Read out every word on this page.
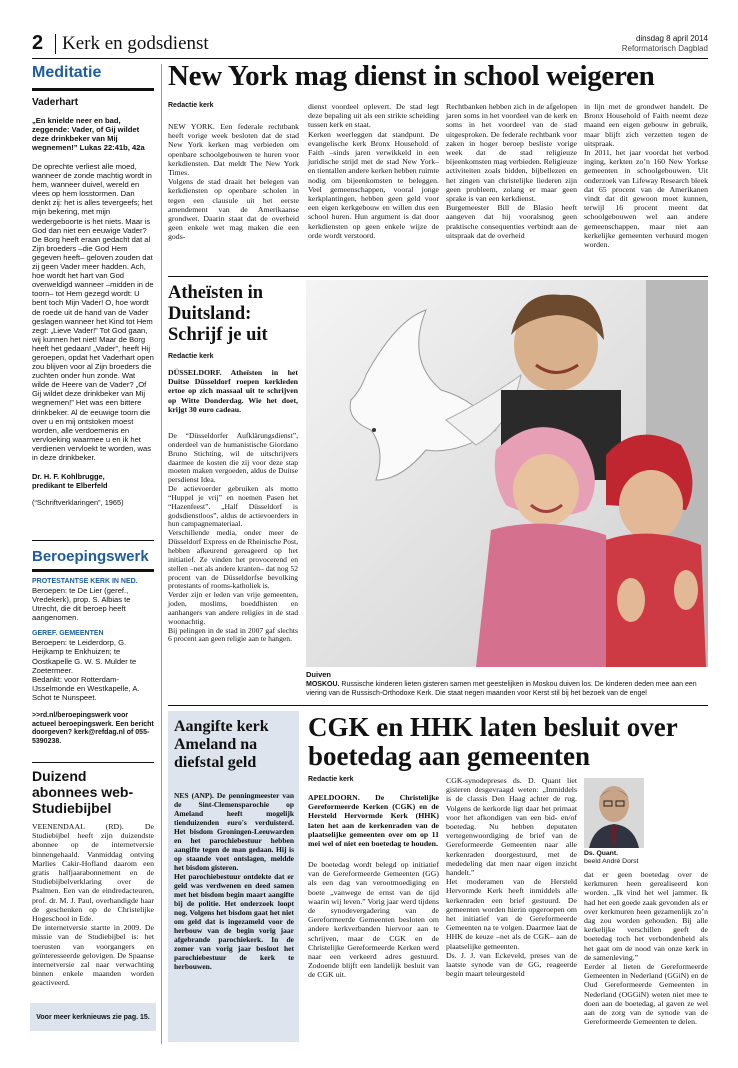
2 Kerk en godsdienst	dinsdag 8 april 2014
Reformatorisch Dagblad
Meditatie
Vaderhart
„En knielde neer en bad, zeggende: Vader, of Gij wildet deze drinkbeker van Mij wegnemen!” Lukas 22:41b, 42a
De oprechte verliest alle moed, wanneer de zonde machtig wordt in hem, wanneer duivel, wereld en vlees op hem losstormen. Dan denkt zij: het is alles tevergeefs; het mijn bekering, met mijn wedergeboorte is het niets. Maar is God dan niet een eeuwige Vader? De Borg heeft eraan gedacht dat al Zijn broeders –die God Hem gegeven heeft– geloven zouden dat zij geen Vader meer hadden. Ach, hoe wordt het hart van God overweldigd wanneer –midden in de toorn– tot Hem gezegd wordt: U bent toch Mijn Vader! O, hoe wordt de roede uit de hand van de Vader geslagen wanneer het Kind tot Hem zegt: „Lieve Vader!” Tot God gaan, wij kunnen het niet! Maar de Borg heeft het gedaan! „Vader”, heeft Hij geroepen, opdat het Vaderhart open zou blijven voor al Zijn broeders die zuchten onder hun zonde. Wat wilde de Heere van de Vader? „Of Gij wildet deze drinkbeker van Mij wegnemen!” Het was een bittere drinkbeker. Al de eeuwige toorn die over u en mij ontstoken moest worden, alle verdoemenis en vervloeking waarmee u en ik het verdienen vervloekt te worden, was in deze drinkbeker.
Dr. H. F. Kohlbrugge,
predikant te Elberfeld
(“Schriftverklaringen”, 1965)
Beroepingswerk
PROTESTANTSE KERK IN NED.
Beroepen: te De Lier (geref., Vredekerk), prop. S. Albias te Utrecht, die dit beroep heeft aangenomen.
GEREF. GEMEENTEN
Beroepen: te Leiderdorp, G. Heijkamp te Enkhuizen; te Oostkapelle G. W. S. Mulder te Zoetermeer.
Bedankt: voor Rotterdam-IJsselmonde en Westkapelle, A. Schot te Nunspeet.
>>rd.nl/beroepingswerk voor actueel beroepingswerk. Een bericht doorgeven? kerk@refdag.nl of 055-5390238.
Duizend abonnees web-Studiebijbel
VEENENDAAL (RD). De Studiebijbel heeft zijn duizendste abonnee op de internetversie binnengehaald. Vanmiddag ontving Marlies Cakir-Hofland daarom een gratis halfjaarabonnement en de Studiebijbelverklaring over de Psalmen. Een van de eindredacteuren, prof. dr. M. J. Paul, overhandigde haar de geschenken op de Christelijke Hogeschool in Ede.
De internetversie startte in 2009. De missie van de Studiebijbel is: het toerusten van voorgangers en geïnteresseerde gelovigen. De Spaanse internetversie zal naar verwachting binnen enkele maanden worden geactiveerd.
Voor meer kerknieuws zie pag. 15.
New York mag dienst in school weigeren
Redactie kerk
NEW YORK. Een federale rechtbank heeft vorige week besloten dat de stad New York kerken mag verbieden om openbare schoolgebouwen te huren voor kerkdiensten. Dat meldt The New York Times.
Volgens de stad draait het belegen van kerkdiensten op openbare scholen in tegen een clausule uit het eerste amendement van de Amerikaanse grondwet. Daarin staat dat de overheid geen enkele wet mag maken die een gods-
dienst voordeel oplevert. De stad legt deze bepaling uit als een strikte scheiding tussen kerk en staat.
Kerken weerleggen dat standpunt. De evangelische kerk Bronx Household of Faith –sinds jaren verwikkeld in een juridische strijd met de stad New York– en tientallen andere kerken hebben ruimte nodig om bijeenkomsten te beleggen. Veel gemeenschappen, vooral jonge kerkplantingen, hebben geen geld voor een eigen kerkgebouw en willen dus een school huren. Hun argument is dat door kerkdiensten op geen enkele wijze de orde wordt verstoord.
Rechtbanken hebben zich in de afgelopen jaren soms in het voordeel van de kerk en soms in het voordeel van de stad uitgesproken. De federale rechtbank voor zaken in hoger beroep besliste vorige week dat de stad religieuze bijeenkomsten mag verbieden. Religieuze activiteiten zoals bidden, bijbellezen en het zingen van christelijke liederen zijn geen probleem, zolang er maar geen sprake is van een kerkdienst.
Burgemeester Bill de Blasio heeft aangeven dat hij vooralsnog geen praktische consequenties verbindt aan de uitspraak dat de overheid
in lijn met de grondwet handelt. De Bronx Household of Faith neemt deze maand een eigen gebouw in gebruik, maar blijft zich verzetten tegen de uitspraak.
In 2011, het jaar voordat het verbod inging, kerkten zo’n 160 New Yorkse gemeenten in schoolgebouwen. Uit onderzoek van Lifeway Research bleek dat 65 procent van de Amerikanen vindt dat dit gewoon moet kunnen, terwijl 16 procent meent dat schoolgebouwen wel aan andere gemeenschappen, maar niet aan kerkelijke gemeenten verhuurd mogen worden.
Atheïsten in Duitsland: Schrijf je uit
Redactie kerk
DÜSSELDORF. Atheïsten in het Duitse Düsseldorf roepen kerkleden ertoe op zich massaal uit te schrijven op Witte Donderdag. Wie het doet, krijgt 30 euro cadeau.
De “Düsseldorfer Aufklärungsdienst”, onderdeel van de humanistische Giordano Bruno Stichting, wil de uitschrijvers daarmee de kosten die zij voor deze stap moeten maken vergoeden, aldus de Duitse persdienst Idea.
De actievoerder gebruiken als motto “Huppel je vrij” en noemen Pasen het “Hazenfeest”. „Half Düsseldorf is godsdienstloos”, aldus de actievoerders in hun campagnemateriaal.
Verschillende media, onder meer de Düsseldorf Express en de Rheinische Post, hebben afkeurend gereageerd op het initiatief. Ze vinden het provocerend en stellen –net als andere kranten– dat nog 52 procent van de Düsseldorfse bevolking protestants of rooms-katholiek is.
Verder zijn er leden van vrije gemeenten, joden, moslims, boeddhisten en aanhangers van andere religies in de stad woonachtig.
Bij pelingen in de stad in 2007 gaf slechts 6 procent aan geen religie aan te hangen.
Duiven
MOSKOU. Russische kinderen lieten gisteren samen met geestelijken in Moskou duiven los. De kinderen deden mee aan een viering van de Russisch-Orthodoxe Kerk. Die staat negen maanden voor Kerst stil bij het bezoek van de engel
Aangifte kerk Ameland na diefstal geld
NES (ANP). De penningmeester van de Sint-Clemensparochie op Ameland heeft mogelijk tienduizenden euro's verduisterd. Het bisdom Groningen-Leeuwarden en het parochiebestuur hebben aangifte tegen de man gedaan. Hij is op staande voet ontslagen, meldde het bisdom gisteren.
Het parochiebestuur ontdekte dat er geld was verdwenen en deed samen met het bisdom begin maart aangifte bij de politie. Het onderzoek loopt nog. Volgens het bisdom gaat het niet om geld dat is ingezameld voor de herbouw van de begin vorig jaar afgebrande parochiekerk. In de zomer van vorig jaar besloot het parochiebestuur de kerk te herbouwen.
CGK en HHK laten besluit over boetedag aan gemeenten
Redactie kerk
APELDOORN. De Christelijke Gereformeerde Kerken (CGK) en de Hersteld Hervormde Kerk (HHK) laten het aan de kerkenraden van de plaatselijke gemeenten over om op 11 mei wel of niet een boetedag te houden.
De boetedag wordt belegd op initiatief van de Gereformeerde Gemeenten (GG) als een dag van verootmoediging en boete „vanwege de ernst van de tijd waarin wij leven.” Vorig jaar werd tijdens de synodevergadering van de Gereformeerde Gemeenten besloten om andere kerkverbanden hiervoor aan te schrijven, maar de CGK en de Christelijke Gereformeerde Kerken werd naar een verkeerd adres gestuurd. Zodoende blijft een landelijk besluit van de CGK uit.
CGK-synodepreses ds. D. Quant liet gisteren desgevraagd weten: „Inmiddels is de classis Den Haag achter de rug. Volgens de kerkorde ligt daar het primaat voor het afkondigen van een bid- en/of boetedag. Nu hebben deputaten vertegenwoordiging de brief van de Gereformeerde Gemeenten naar alle kerkenraden doorgestuurd, met de mededeling dat men naar eigen inzicht handelt.”
Het moderamen van de Hersteld Hervormde Kerk heeft inmiddels alle kerkenraden een brief gestuurd. De gemeenten worden hierin opgeroepen om het initiatief van de Gereformeerde Gemeenten na te volgen. Daarmee laat de HHK de keuze –net als de CGK– aan de plaatselijke gemeenten.
Ds. J. J. van Eckeveld, preses van de laatste synode van de GG, reageerde begin maart teleurgesteld
Ds. Quant.
beeld André Dorst
dat er geen boetedag over de kerkmuren heen gerealiseerd kon worden. „Ik vind het wel jammer. Ik had het een goede zaak gevonden als er over kerkmuren heen gezamenlijk zo’n dag zou worden gehouden. Bij alle kerkelijke verschillen geeft de boetedag toch het verbondenheid als het gaat om de nood van onze kerk in de samenleving.”
Eerder al lieten de Gereformeerde Gemeenten in Nederland (GGiN) en de Oud Gereformeerde Gemeenten in Nederland (OGGiN) weten niet mee te doen aan de boetedag, al gaven ze wel aan de zorg van de synode van de Gereformeerde Gemeenten te delen.
